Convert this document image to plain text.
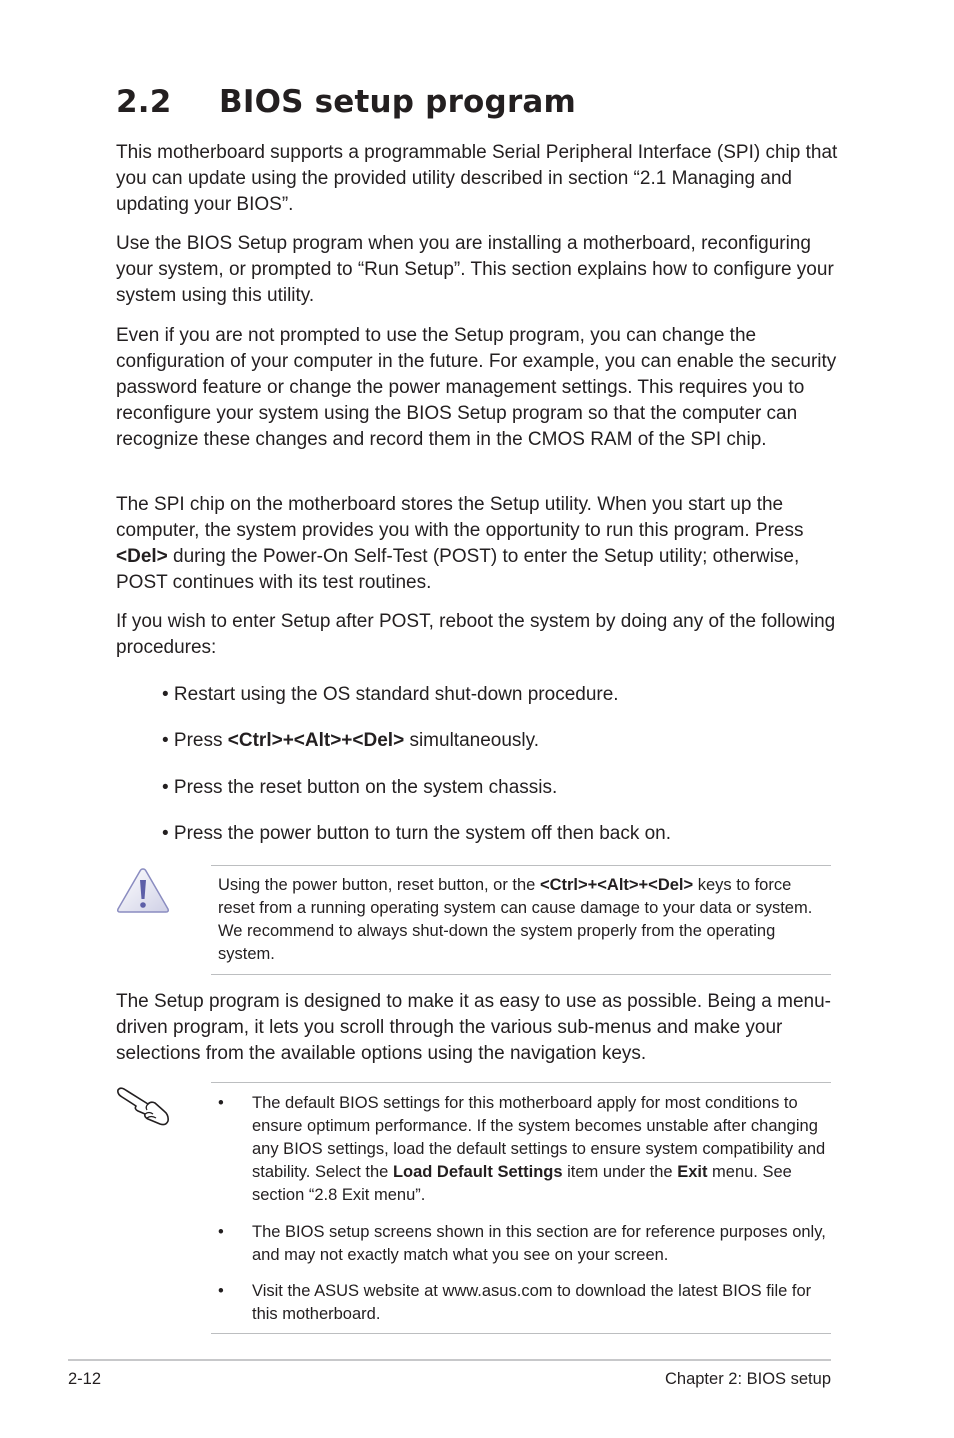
2.2 BIOS setup program

This motherboard supports a programmable Serial Peripheral Interface (SPI) chip that you can update using the provided utility described in section “2.1 Managing and updating your BIOS”.

Use the BIOS Setup program when you are installing a motherboard, reconfiguring your system, or prompted to “Run Setup”. This section explains how to configure your system using this utility.

Even if you are not prompted to use the Setup program, you can change the configuration of your computer in the future. For example, you can enable the security password feature or change the power management settings. This requires you to reconfigure your system using the BIOS Setup program so that the computer can recognize these changes and record them in the CMOS RAM of the SPI chip.

The SPI chip on the motherboard stores the Setup utility. When you start up the computer, the system provides you with the opportunity to run this program. Press <Del> during the Power-On Self-Test (POST) to enter the Setup utility; otherwise, POST continues with its test routines.

If you wish to enter Setup after POST, reboot the system by doing any of the following procedures:

• Restart using the OS standard shut-down procedure.
• Press <Ctrl>+<Alt>+<Del> simultaneously.
• Press the reset button on the system chassis.
• Press the power button to turn the system off then back on.
Using the power button, reset button, or the <Ctrl>+<Alt>+<Del> keys to force reset from a running operating system can cause damage to your data or system. We recommend to always shut-down the system properly from the operating system.

The Setup program is designed to make it as easy to use as possible. Being a menu-driven program, it lets you scroll through the various sub-menus and make your selections from the available options using the navigation keys.

• The default BIOS settings for this motherboard apply for most conditions to ensure optimum performance. If the system becomes unstable after changing any BIOS settings, load the default settings to ensure system compatibility and stability. Select the Load Default Settings item under the Exit menu. See section “2.8 Exit menu”.
• The BIOS setup screens shown in this section are for reference purposes only, and may not exactly match what you see on your screen.
• Visit the ASUS website at www.asus.com to download the latest BIOS file for this motherboard.
2-12	Chapter 2: BIOS setup
